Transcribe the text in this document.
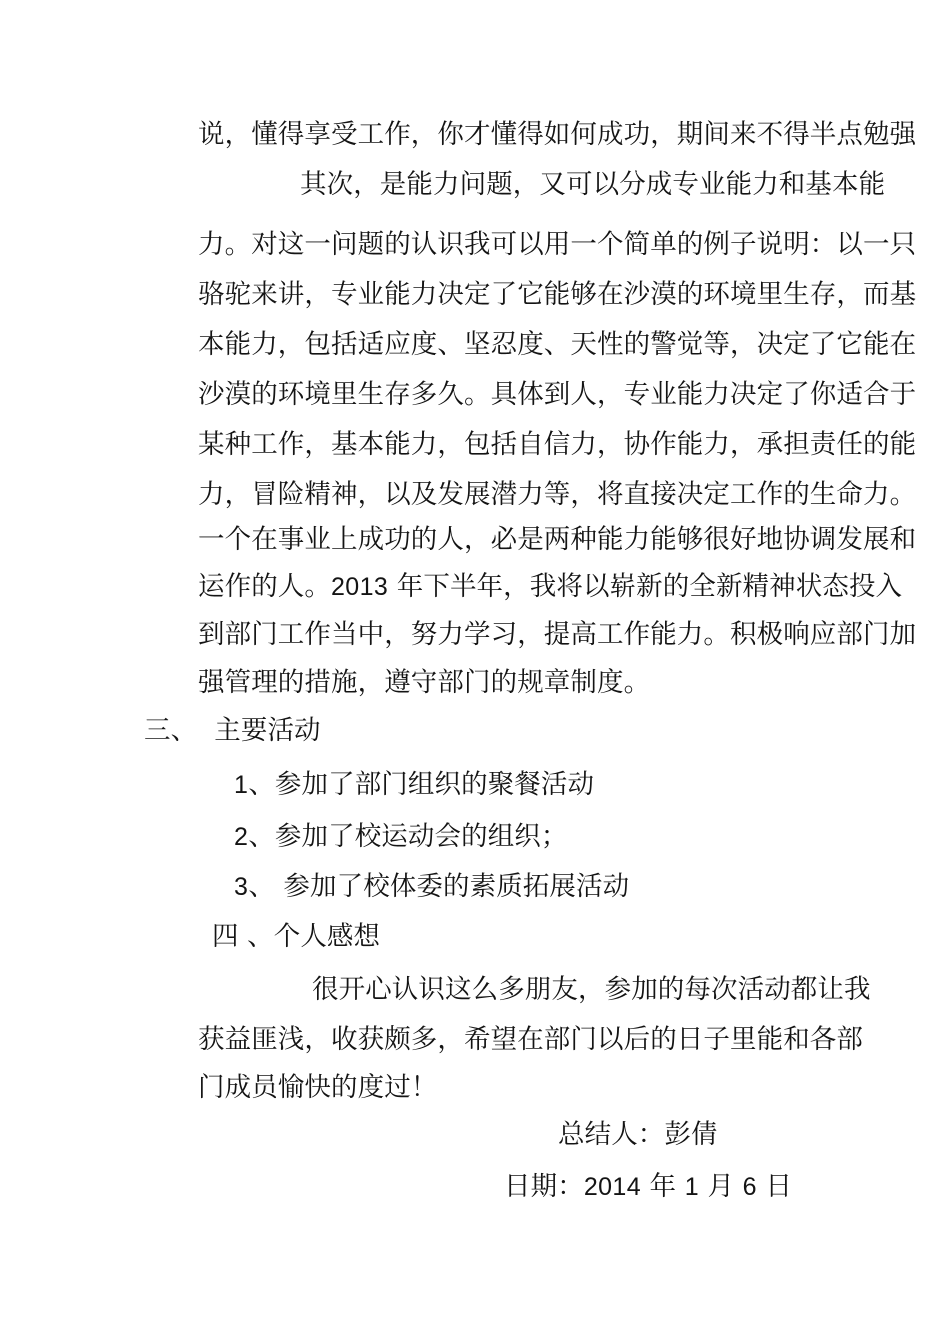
说，懂得享受工作，你才懂得如何成功，期间来不得半点勉强
其次，是能力问题，又可以分成专业能力和基本能
力。对这一问题的认识我可以用一个简单的例子说明：以一只
骆驼来讲，专业能力决定了它能够在沙漠的环境里生存，而基
本能力，包括适应度、坚忍度、天性的警觉等，决定了它能在
沙漠的环境里生存多久。具体到人，专业能力决定了你适合于
某种工作，基本能力，包括自信力，协作能力，承担责任的能
力，冒险精神，以及发展潜力等，将直接决定工作的生命力。
一个在事业上成功的人，必是两种能力能够很好地协调发展和
运作的人。2013 年下半年，我将以崭新的全新精神状态投入
到部门工作当中，努力学习，提高工作能力。积极响应部门加
强管理的措施，遵守部门的规章制度。
三、  主要活动
1、参加了部门组织的聚餐活动
2、参加了校运动会的组织；
3、 参加了校体委的素质拓展活动
四 、个人感想
很开心认识这么多朋友，参加的每次活动都让我
获益匪浅，收获颇多，希望在部门以后的日子里能和各部
门成员愉快的度过！
总结人：彭倩
日期：2014 年 1 月 6 日
